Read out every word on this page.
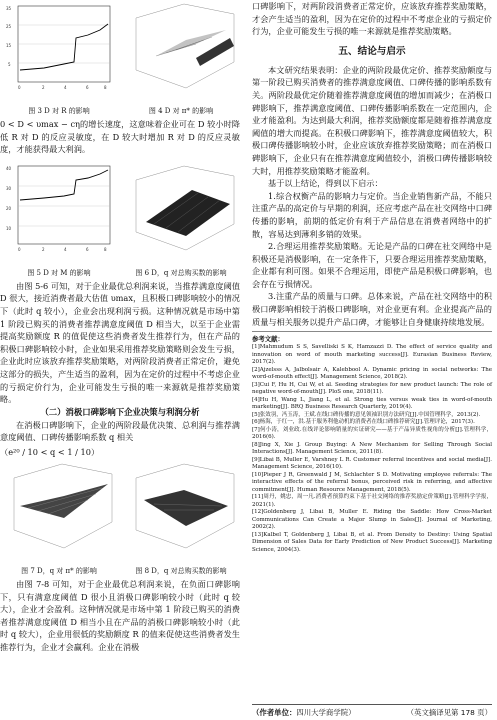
35
25
15
5
0	2	4	6	8
图 3 D 对 R 的影响	图 4 D 对 π* 的影响

0 < D < υmax − cη的增长速度，这意味着企业可在 D 较小时降低 R 对 D 的反应灵敏度，在 D 较大时增加 R 对 D 的反应灵敏度，才能获得最大利润。

40
30
20
10
0	2	4	6	8
图 5 D 对 M 的影响	图 6 D，q 对总购买数的影响

由图 5-6 可知，对于企业最优总利润来说，当推荐满意度阈值 D 很大，接近消费者最大估值 υmax，且积极口碑影响较小的情况下（此时 q 较小），企业会出现利润亏损。这种情况就是市场中第 1 阶段已购买的消费者推荐满意度阈值 D 相当大，以至于企业需提高奖励额度 R 的值促使这些消费者发生推荐行为，但在产品的积极口碑影响较小时，企业如果采用推荐奖励策略则会发生亏损，企业此时应该放弃推荐奖励策略，对两阶段消费者正常定价，避免这部分的损失，产生适当的盈利，因为在定价的过程中不考虑企业的亏损定价行为，企业可能发生亏损的唯一来源就是推荐奖励策略。

（二）消极口碑影响下企业决策与利润分析

在消极口碑影响下，企业的两阶段最优决策、总利润与推荐满意度阈值、口碑传播影响系数 q 相关

（e²⁰ / 10 < q < 1 / 10）
图 7 D，q 对 π* 的影响	图 8 D，q 对总购买数的影响

由图 7-8 可知，对于企业最优总利润来说，在负面口碑影响下，只有满意度阈值 D 很小且消极口碑影响较小时（此时 q 较大），企业才会盈利。这种情况就是市场中第 1 阶段已购买的消费者推荐满意度阈值 D 相当小且在产品的消极口碑影响较小时（此时 q 较大），企业用很低的奖励额度 R 的值来促使这些消费者发生推荐行为，企业才会赢利。企业在消极

口碑影响下，对两阶段消费者正常定价，应该放弃推荐奖励策略，才会产生适当的盈利，因为在定价的过程中不考虑企业的亏损定价行为，企业可能发生亏损的唯一来源就是推荐奖励策略。

五、结论与启示

本文研究结果表明：企业的两阶段最优定价、推荐奖励额度与第一阶段已购买消费者的推荐满意度阈值、口碑传播的影响系数有关。两阶段最优定价随着推荐满意度阈值的增加而减少；在消极口碑影响下，推荐满意度阈值、口碑传播影响系数在一定范围内，企业才能盈利。为达到最大利润，推荐奖励额度都是随着推荐满意度阈值的增大而提高。在积极口碑影响下，推荐满意度阈值较大，积极口碑传播影响较小时，企业应该放弃推荐奖励策略；而在消极口碑影响下，企业只有在推荐满意度阈值较小，消极口碑传播影响较大时，用推荐奖励策略才能盈利。

基于以上结论，得到以下启示：

1.综合权衡产品的影响力与定价。当企业销售新产品，不能只注重产品的高定价与早期的利润，还应考虑产品在社交网络中口碑传播的影响，前期的低定价有利于产品信息在消费者网络中的扩散，容易达到薄利多销的效果。

2.合理运用推荐奖励策略。无论是产品的口碑在社交网络中是积极还是消极影响，在一定条件下，只要合理运用推荐奖励策略，企业都有利可图。如果不合理运用，即使产品是积极口碑影响，也会存在亏损情况。

3.注重产品的质量与口碑。总体来说，产品在社交网络中的积极口碑影响相较于消极口碑影响，对企业更有利。企业提高产品的质量与相关服务以提升产品口碑，才能够让自身健康持续地发展。

参考文献：
[1]Mahmudum S S, Savelliski S K, Hamzazzi D. The effect of service quality and innovation on word of mouth marketing success[J]. Eurasian Business Review, 2017(2).
[2]Ajzelsss A, Jalbolsair A, Kalebbool A. Dynamic pricing in social networks: The word-of-mouth effect[J]. Management Science, 2018(2).
[3]Cui F, Hu H, Cui W, et al. Seeding strategies for new product launch: The role of negative word-of-mouth[J]. PloS one, 2018(11).
[4]Hu H, Wang L, Jiang L, et al. Strong ties versus weak ties in word-of-mouth marketing[J]. BRQ Business Research Quarterly, 2019(4).
[5]张效羽，冯玉涛，王斌.在线口碑传播的意见领袖识别方法研究[J].中国管理科学，2013(2).
[6]杨海，于红一，洪.基于服务利他动机的消费者在线口碑推荐研究[J].管理评论，2017(3).
[7]何小涛，刘业政.在线评论影响销量的实证研究——基于产品异质性视角的分析[J].管理科学，2016(6).
[8]Jing X, Xie J. Group Buying: A New Mechanism for Selling Through Social Interactions[J]. Management Science, 2011(8).
[9]Libai B, Muller E, Varshney L R. Customer referral incentives and social media[J]. Management Science, 2016(10).
[10]Pieper J R, Greenwald J M, Schlachter S D. Motivating employee referrals: The interactive effects of the referral bonus, perceived risk in referring, and affective commitment[J]. Human Resource Management, 2018(5).
[11]周丹，姚忠，周一凡.消费者预算约束下基于社交网络的推荐奖励定价策略[J].管理科学学报，2021(1).
[12]Goldenberg J, Libai B, Muller E. Riding the Saddle: How Cross-Market Communications Can Create a Major Slump in Sales[J]. Journal of Marketing, 2002(2).
[13]Kalbel T, Goldenberg J, Libai B, et al. From Density to Destiny: Using Spatial Dimension of Sales Data for Early Prediction of New Product Success[J]. Marketing Science, 2004(3).
（作者单位：四川大学商学院）	（英文摘译见第 178 页）
